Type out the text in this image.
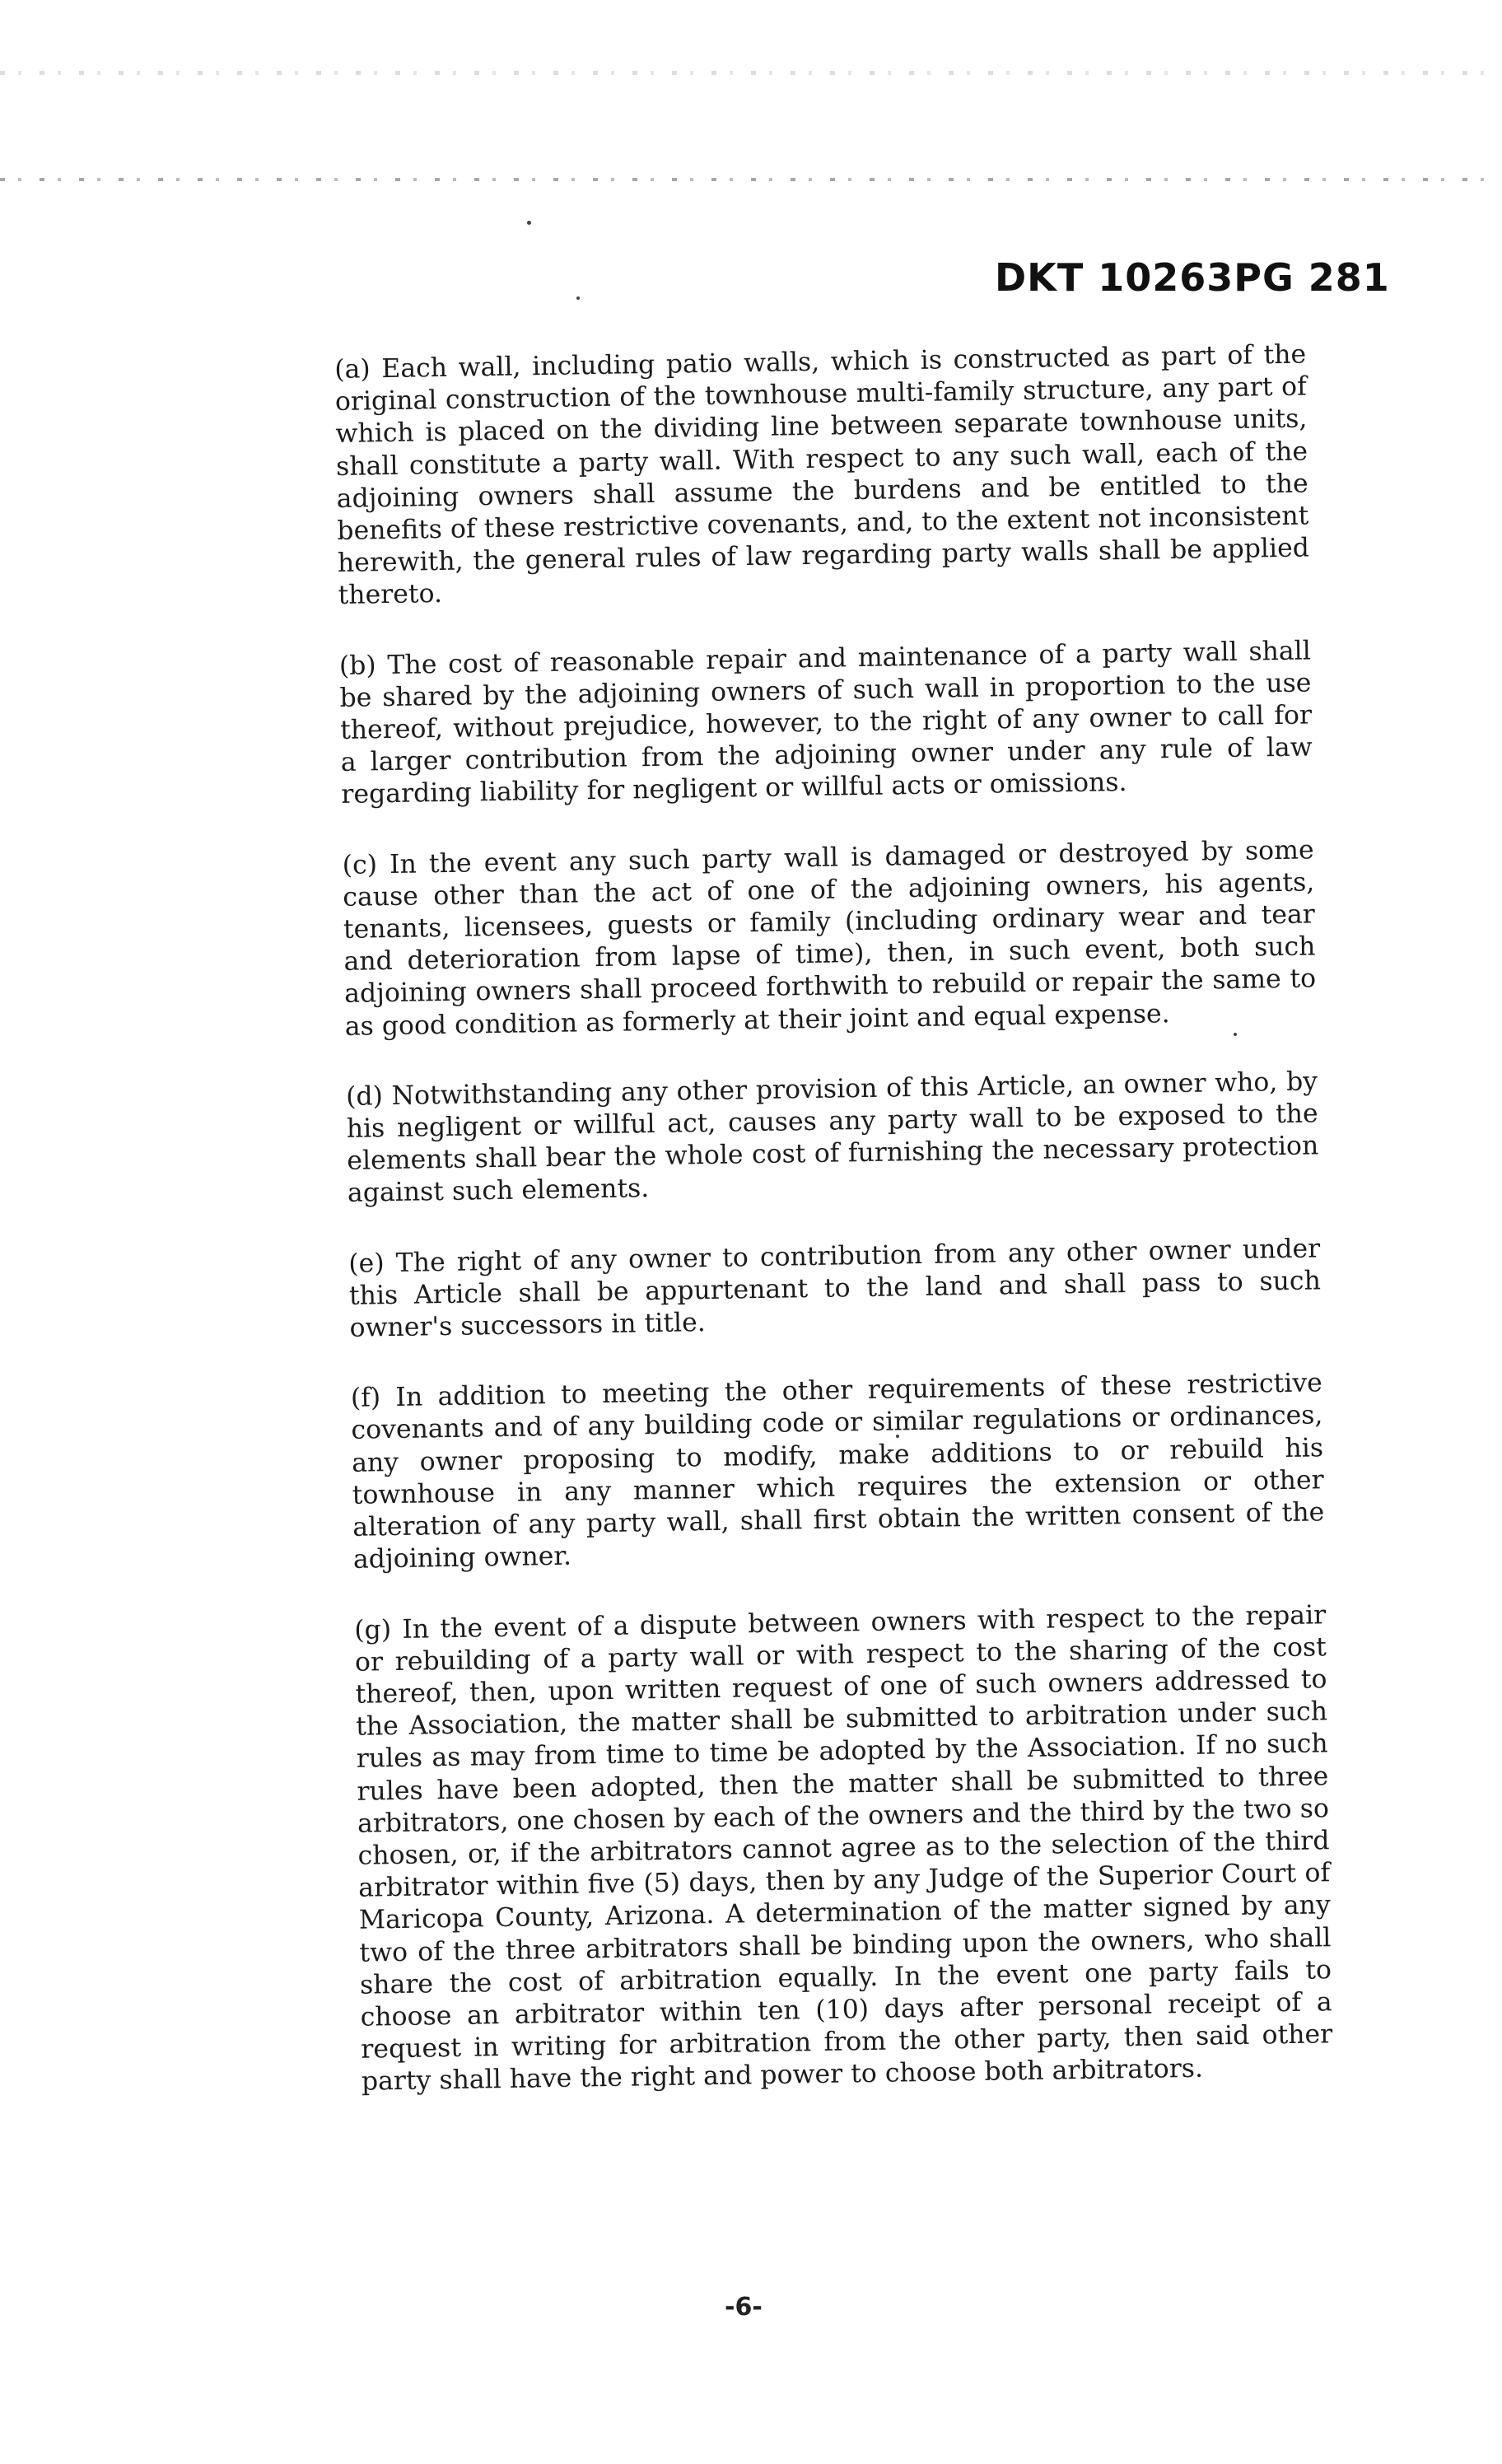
DKT 10263PG 281

(a) Each wall, including patio walls, which is constructed as part of the original construction of the townhouse multi-family structure, any part of which is placed on the dividing line between separate townhouse units, shall constitute a party wall. With respect to any such wall, each of the adjoining owners shall assume the burdens and be entitled to the benefits of these restrictive covenants, and, to the extent not inconsistent herewith, the general rules of law regarding party walls shall be applied thereto.

(b) The cost of reasonable repair and maintenance of a party wall shall be shared by the adjoining owners of such wall in proportion to the use thereof, without prejudice, however, to the right of any owner to call for a larger contribution from the adjoining owner under any rule of law regarding liability for negligent or willful acts or omissions.

(c) In the event any such party wall is damaged or destroyed by some cause other than the act of one of the adjoining owners, his agents, tenants, licensees, guests or family (including ordinary wear and tear and deterioration from lapse of time), then, in such event, both such adjoining owners shall proceed forthwith to rebuild or repair the same to as good condition as formerly at their joint and equal expense.

(d) Notwithstanding any other provision of this Article, an owner who, by his negligent or willful act, causes any party wall to be exposed to the elements shall bear the whole cost of furnishing the necessary protection against such elements.

(e) The right of any owner to contribution from any other owner under this Article shall be appurtenant to the land and shall pass to such owner's successors in title.

(f) In addition to meeting the other requirements of these restrictive covenants and of any building code or similar regulations or ordinances, any owner proposing to modify, make additions to or rebuild his townhouse in any manner which requires the extension or other alteration of any party wall, shall first obtain the written consent of the adjoining owner.

(g) In the event of a dispute between owners with respect to the repair or rebuilding of a party wall or with respect to the sharing of the cost thereof, then, upon written request of one of such owners addressed to the Association, the matter shall be submitted to arbitration under such rules as may from time to time be adopted by the Association. If no such rules have been adopted, then the matter shall be submitted to three arbitrators, one chosen by each of the owners and the third by the two so chosen, or, if the arbitrators cannot agree as to the selection of the third arbitrator within five (5) days, then by any Judge of the Superior Court of Maricopa County, Arizona. A determination of the matter signed by any two of the three arbitrators shall be binding upon the owners, who shall share the cost of arbitration equally. In the event one party fails to choose an arbitrator within ten (10) days after personal receipt of a request in writing for arbitration from the other party, then said other party shall have the right and power to choose both arbitrators.

-6-
